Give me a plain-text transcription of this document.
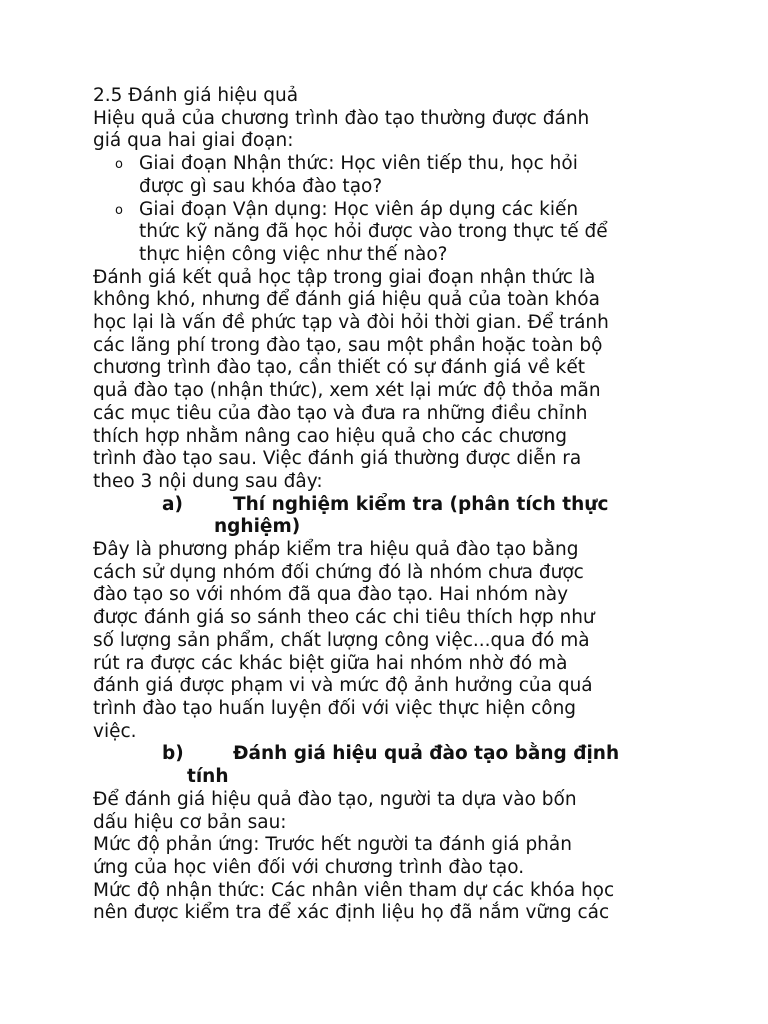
2.5 Đánh giá hiệu quả
Hiệu quả của chương trình đào tạo thường được đánh
giá qua hai giai đoạn:
o Giai đoạn Nhận thức: Học viên tiếp thu, học hỏi
được gì sau khóa đào tạo?
o Giai đoạn Vận dụng: Học viên áp dụng các kiến
thức kỹ năng đã học hỏi được vào trong thực tế để
thực hiện công việc như thế nào?
Đánh giá kết quả học tập trong giai đoạn nhận thức là
không khó, nhưng để đánh giá hiệu quả của toàn khóa
học lại là vấn đề phức tạp và đòi hỏi thời gian. Để tránh
các lãng phí trong đào tạo, sau một phần hoặc toàn bộ
chương trình đào tạo, cần thiết có sự đánh giá về kết
quả đào tạo (nhận thức), xem xét lại mức độ thỏa mãn
các mục tiêu của đào tạo và đưa ra những điều chỉnh
thích hợp nhằm nâng cao hiệu quả cho các chương
trình đào tạo sau. Việc đánh giá thường được diễn ra
theo 3 nội dung sau đây:
a)	Thí nghiệm kiểm tra (phân tích thực
nghiệm)
Đây là phương pháp kiểm tra hiệu quả đào tạo bằng
cách sử dụng nhóm đối chứng đó là nhóm chưa được
đào tạo so với nhóm đã qua đào tạo. Hai nhóm này
được đánh giá so sánh theo các chi tiêu thích hợp như
số lượng sản phẩm, chất lượng công việc...qua đó mà
rút ra được các khác biệt giữa hai nhóm nhờ đó mà
đánh giá được phạm vi và mức độ ảnh hưởng của quá
trình đào tạo huấn luyện đối với việc thực hiện công
việc.
b)	Đánh giá hiệu quả đào tạo bằng định
tính
Để đánh giá hiệu quả đào tạo, người ta dựa vào bốn
dấu hiệu cơ bản sau:
Mức độ phản ứng: Trước hết người ta đánh giá phản
ứng của học viên đối với chương trình đào tạo.
Mức độ nhận thức: Các nhân viên tham dự các khóa học
nên được kiểm tra để xác định liệu họ đã nắm vững các
